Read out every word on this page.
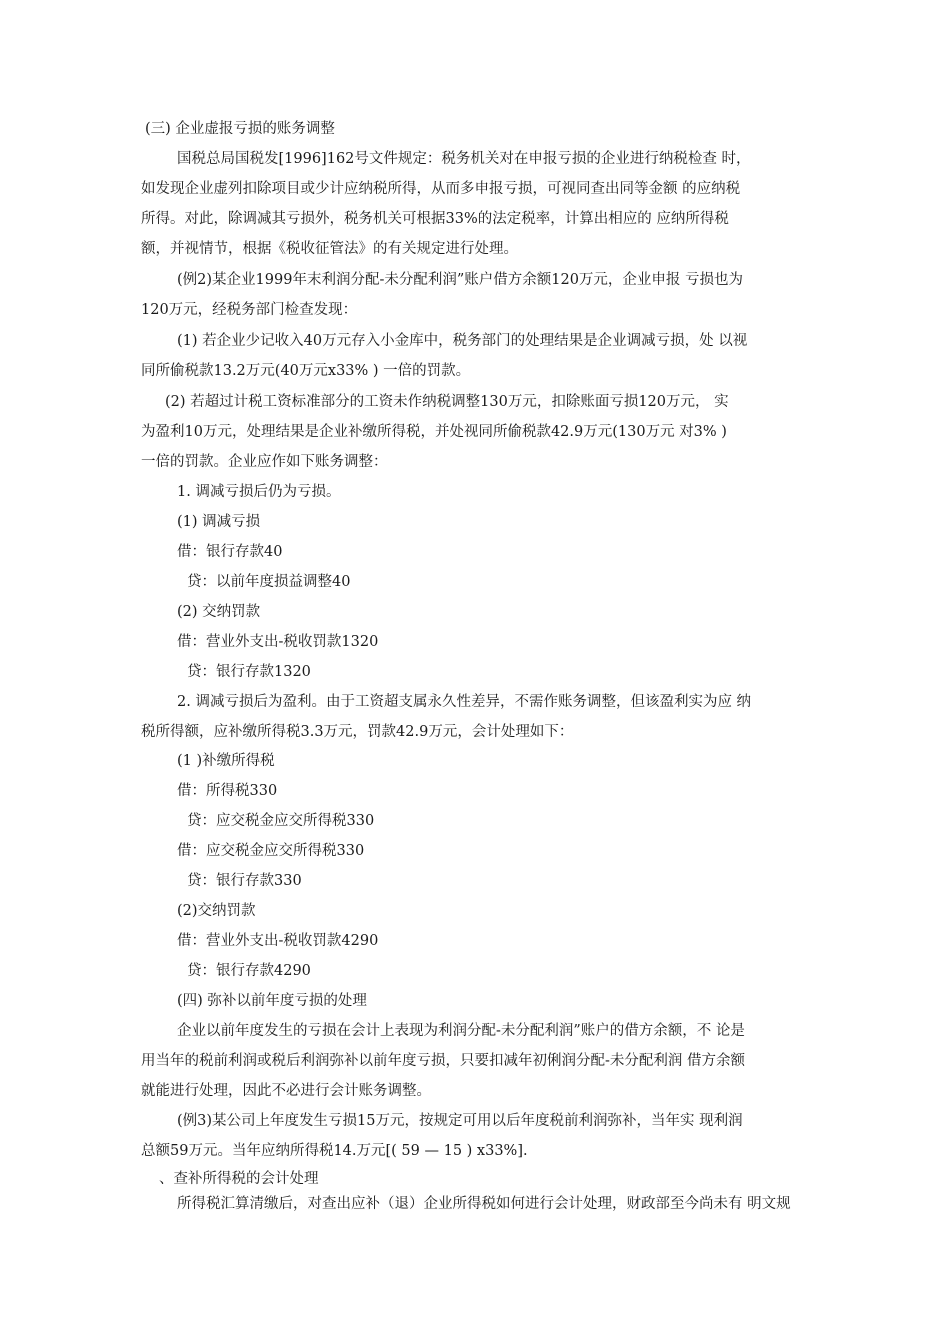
(三) 企业虚报亏损的账务调整
国税总局国税发[1996]162号文件规定：税务机关对在申报亏损的企业进行纳税检查 时，
如发现企业虚列扣除项目或少计应纳税所得，从而多申报亏损，可视同查出同等金额 的应纳税
所得。对此，除调减其亏损外，税务机关可根据33%的法定税率，计算出相应的 应纳所得税
额，并视情节，根据《税收征管法》的有关规定进行处理。
(例2)某企业1999年末利润分配-未分配利润”账户借方余额120万元，企业申报 亏损也为
120万元，经税务部门检查发现：
(1) 若企业少记收入40万元存入小金库中，税务部门的处理结果是企业调减亏损，处 以视
同所偷税款13.2万元(40万元x33% ) 一倍的罚款。
(2) 若超过计税工资标准部分的工资未作纳税调整130万元，扣除账面亏损120万元， 实
为盈利10万元，处理结果是企业补缴所得税，并处视同所偷税款42.9万元(130万元 对3% )
一倍的罚款。企业应作如下账务调整：
1. 调减亏损后仍为亏损。
(1) 调减亏损
借：银行存款40
贷：以前年度损益调整40
(2) 交纳罚款
借：营业外支出-税收罚款1320
贷：银行存款1320
2. 调减亏损后为盈利。由于工资超支属永久性差异，不需作账务调整，但该盈利实为应 纳
税所得额，应补缴所得税3.3万元，罚款42.9万元，会计处理如下：
(1 )补缴所得税
借：所得税330
贷：应交税金应交所得税330
借：应交税金应交所得税330
贷：银行存款330
(2)交纳罚款
借：营业外支出-税收罚款4290
贷：银行存款4290
(四) 弥补以前年度亏损的处理
企业以前年度发生的亏损在会计上表现为利润分配-未分配利润”账户的借方余额，不 论是
用当年的税前利润或税后利润弥补以前年度亏损，只要扣减年初俐润分配-未分配利润 借方余额
就能进行处理，因此不必进行会计账务调整。
(例3)某公司上年度发生亏损15万元，按规定可用以后年度税前利润弥补，当年实 现利润
总额59万元。当年应纳所得税14.万元[( 59 — 15 ) x33%].
、查补所得税的会计处理
所得税汇算清缴后，对查出应补（退）企业所得税如何进行会计处理，财政部至今尚未有 明文规
